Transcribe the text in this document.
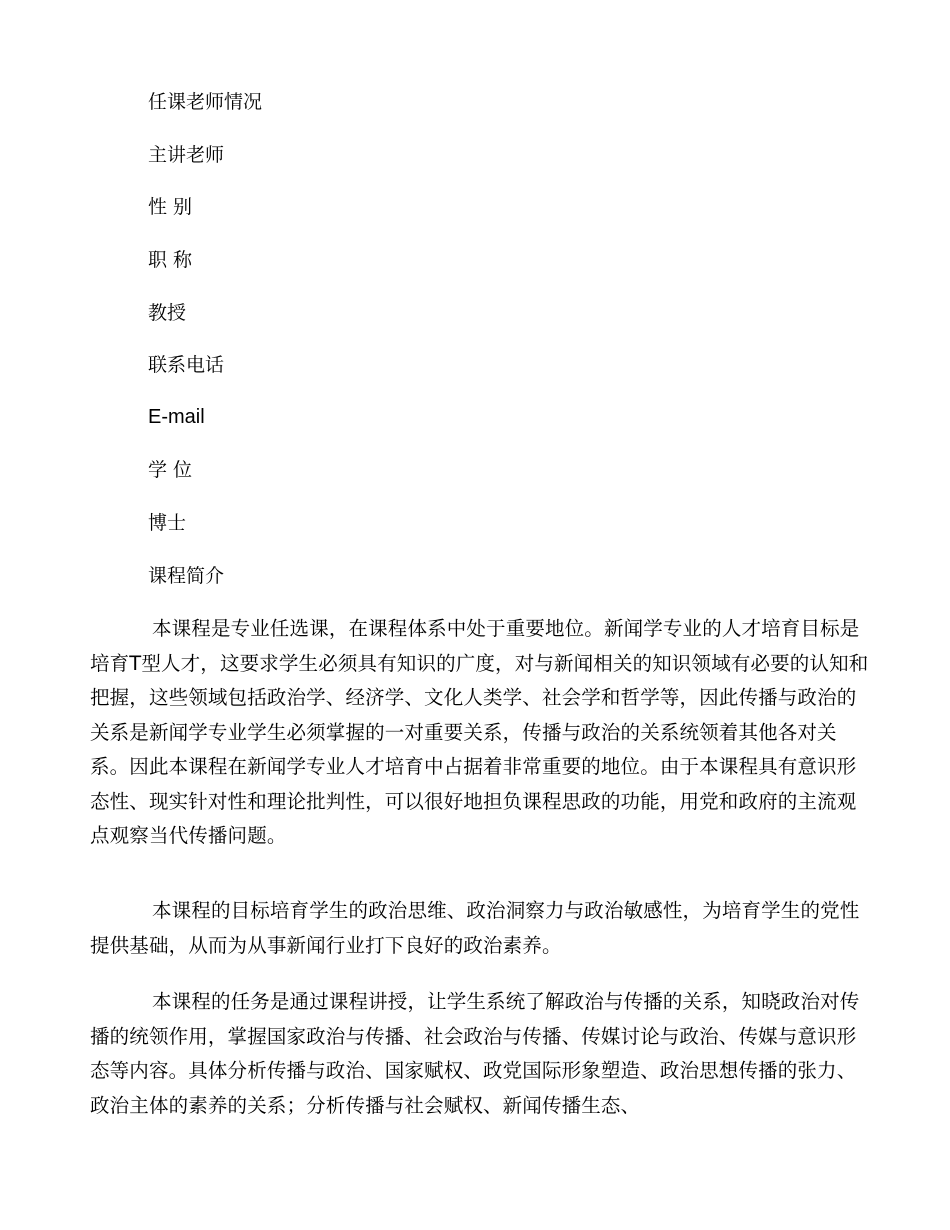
任课老师情况
主讲老师
性 别
职 称
教授
联系电话
E-mail
学 位
博士
课程简介

本课程是专业任选课，在课程体系中处于重要地位。新闻学专业的人才培育目标是培育T型人才，这要求学生必须具有知识的广度，对与新闻相关的知识领域有必要的认知和把握，这些领域包括政治学、经济学、文化人类学、社会学和哲学等，因此传播与政治的关系是新闻学专业学生必须掌握的一对重要关系，传播与政治的关系统领着其他各对关系。因此本课程在新闻学专业人才培育中占据着非常重要的地位。由于本课程具有意识形态性、现实针对性和理论批判性，可以很好地担负课程思政的功能，用党和政府的主流观点观察当代传播问题。

本课程的目标培育学生的政治思维、政治洞察力与政治敏感性，为培育学生的党性提供基础，从而为从事新闻行业打下良好的政治素养。

本课程的任务是通过课程讲授，让学生系统了解政治与传播的关系，知晓政治对传播的统领作用，掌握国家政治与传播、社会政治与传播、传媒讨论与政治、传媒与意识形态等内容。具体分析传播与政治、国家赋权、政党国际形象塑造、政治思想传播的张力、政治主体的素养的关系；分析传播与社会赋权、新闻传播生态、
